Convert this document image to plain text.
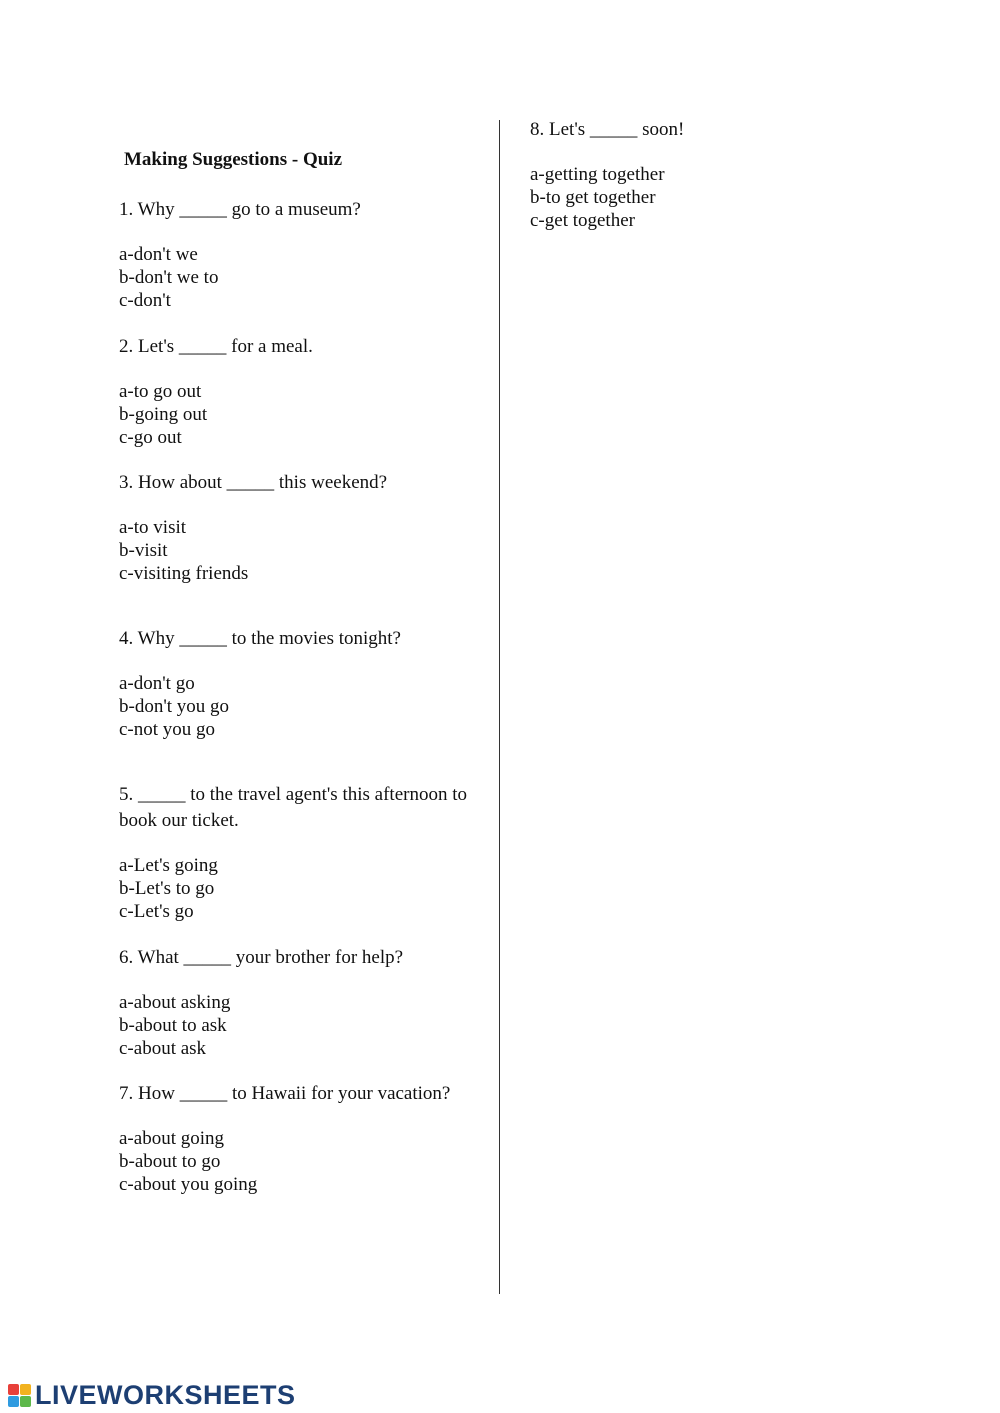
Making Suggestions - Quiz
1. Why _____ go to a museum?
a-don't we
b-don't we to
c-don't
2. Let's _____ for a meal.
a-to go out
b-going out
c-go out
3. How about _____ this weekend?
a-to visit
b-visit
c-visiting friends
4. Why _____ to the movies tonight?
a-don't go
b-don't you go
c-not you go
5. _____ to the travel agent's this afternoon to book our ticket.
a-Let's going
b-Let's to go
c-Let's go
6. What _____ your brother for help?
a-about asking
b-about to ask
c-about ask
7. How _____ to Hawaii for your vacation?
a-about going
b-about to go
c-about you going
8. Let's _____ soon!
a-getting together
b-to get together
c-get together
LIVEWORKSHEETS
